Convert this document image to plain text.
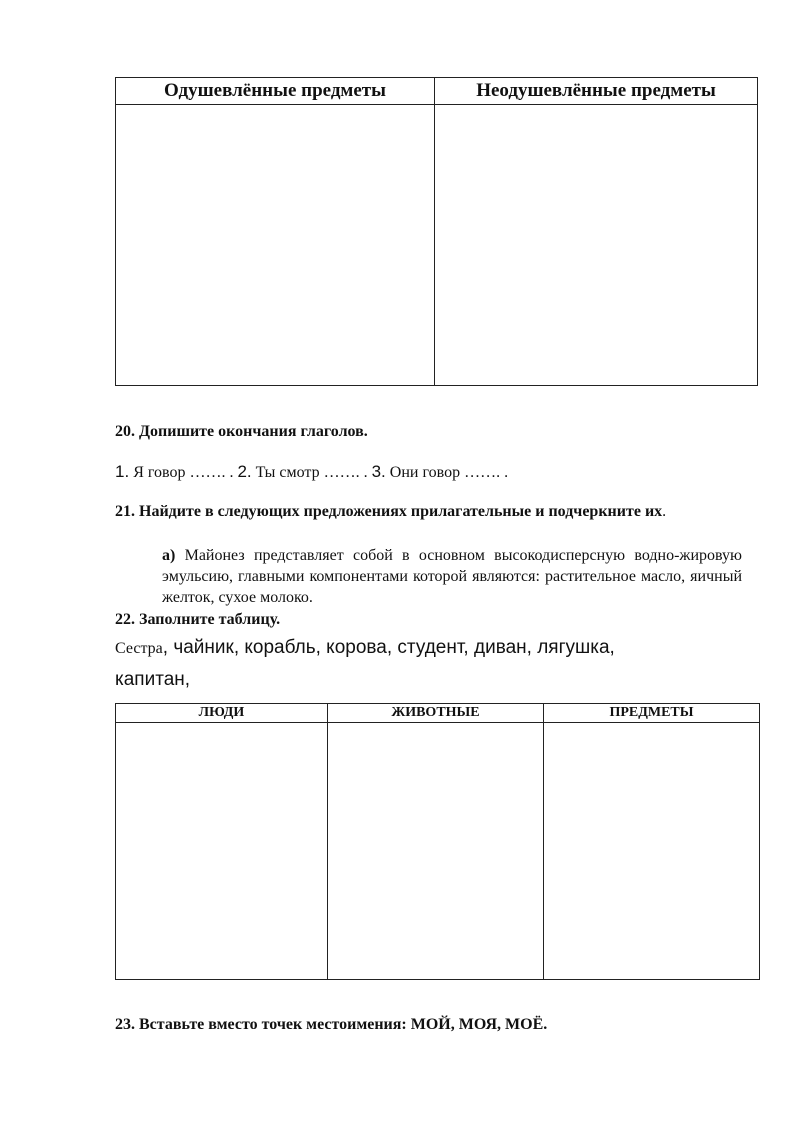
Одушевлённые предметы	Неодушевлённые предметы

20. Допишите окончания глаголов.
1. Я говор ……. . 2. Ты смотр ……. . 3. Они говор ……. .
21. Найдите в следующих предложениях прилагательные и подчеркните их.
а) Майонез представляет собой в основном высокодисперсную водно-жировую эмульсию, главными компонентами которой являются: растительное масло, яичный желток, сухое молоко.
22. Заполните таблицу.
Сестра, чайник, корабль, корова, студент, диван, лягушка, капитан,
ЛЮДИ	ЖИВОТНЫЕ	ПРЕДМЕТЫ

23. Вставьте вместо точек местоимения: МОЙ, МОЯ, МОЁ.
